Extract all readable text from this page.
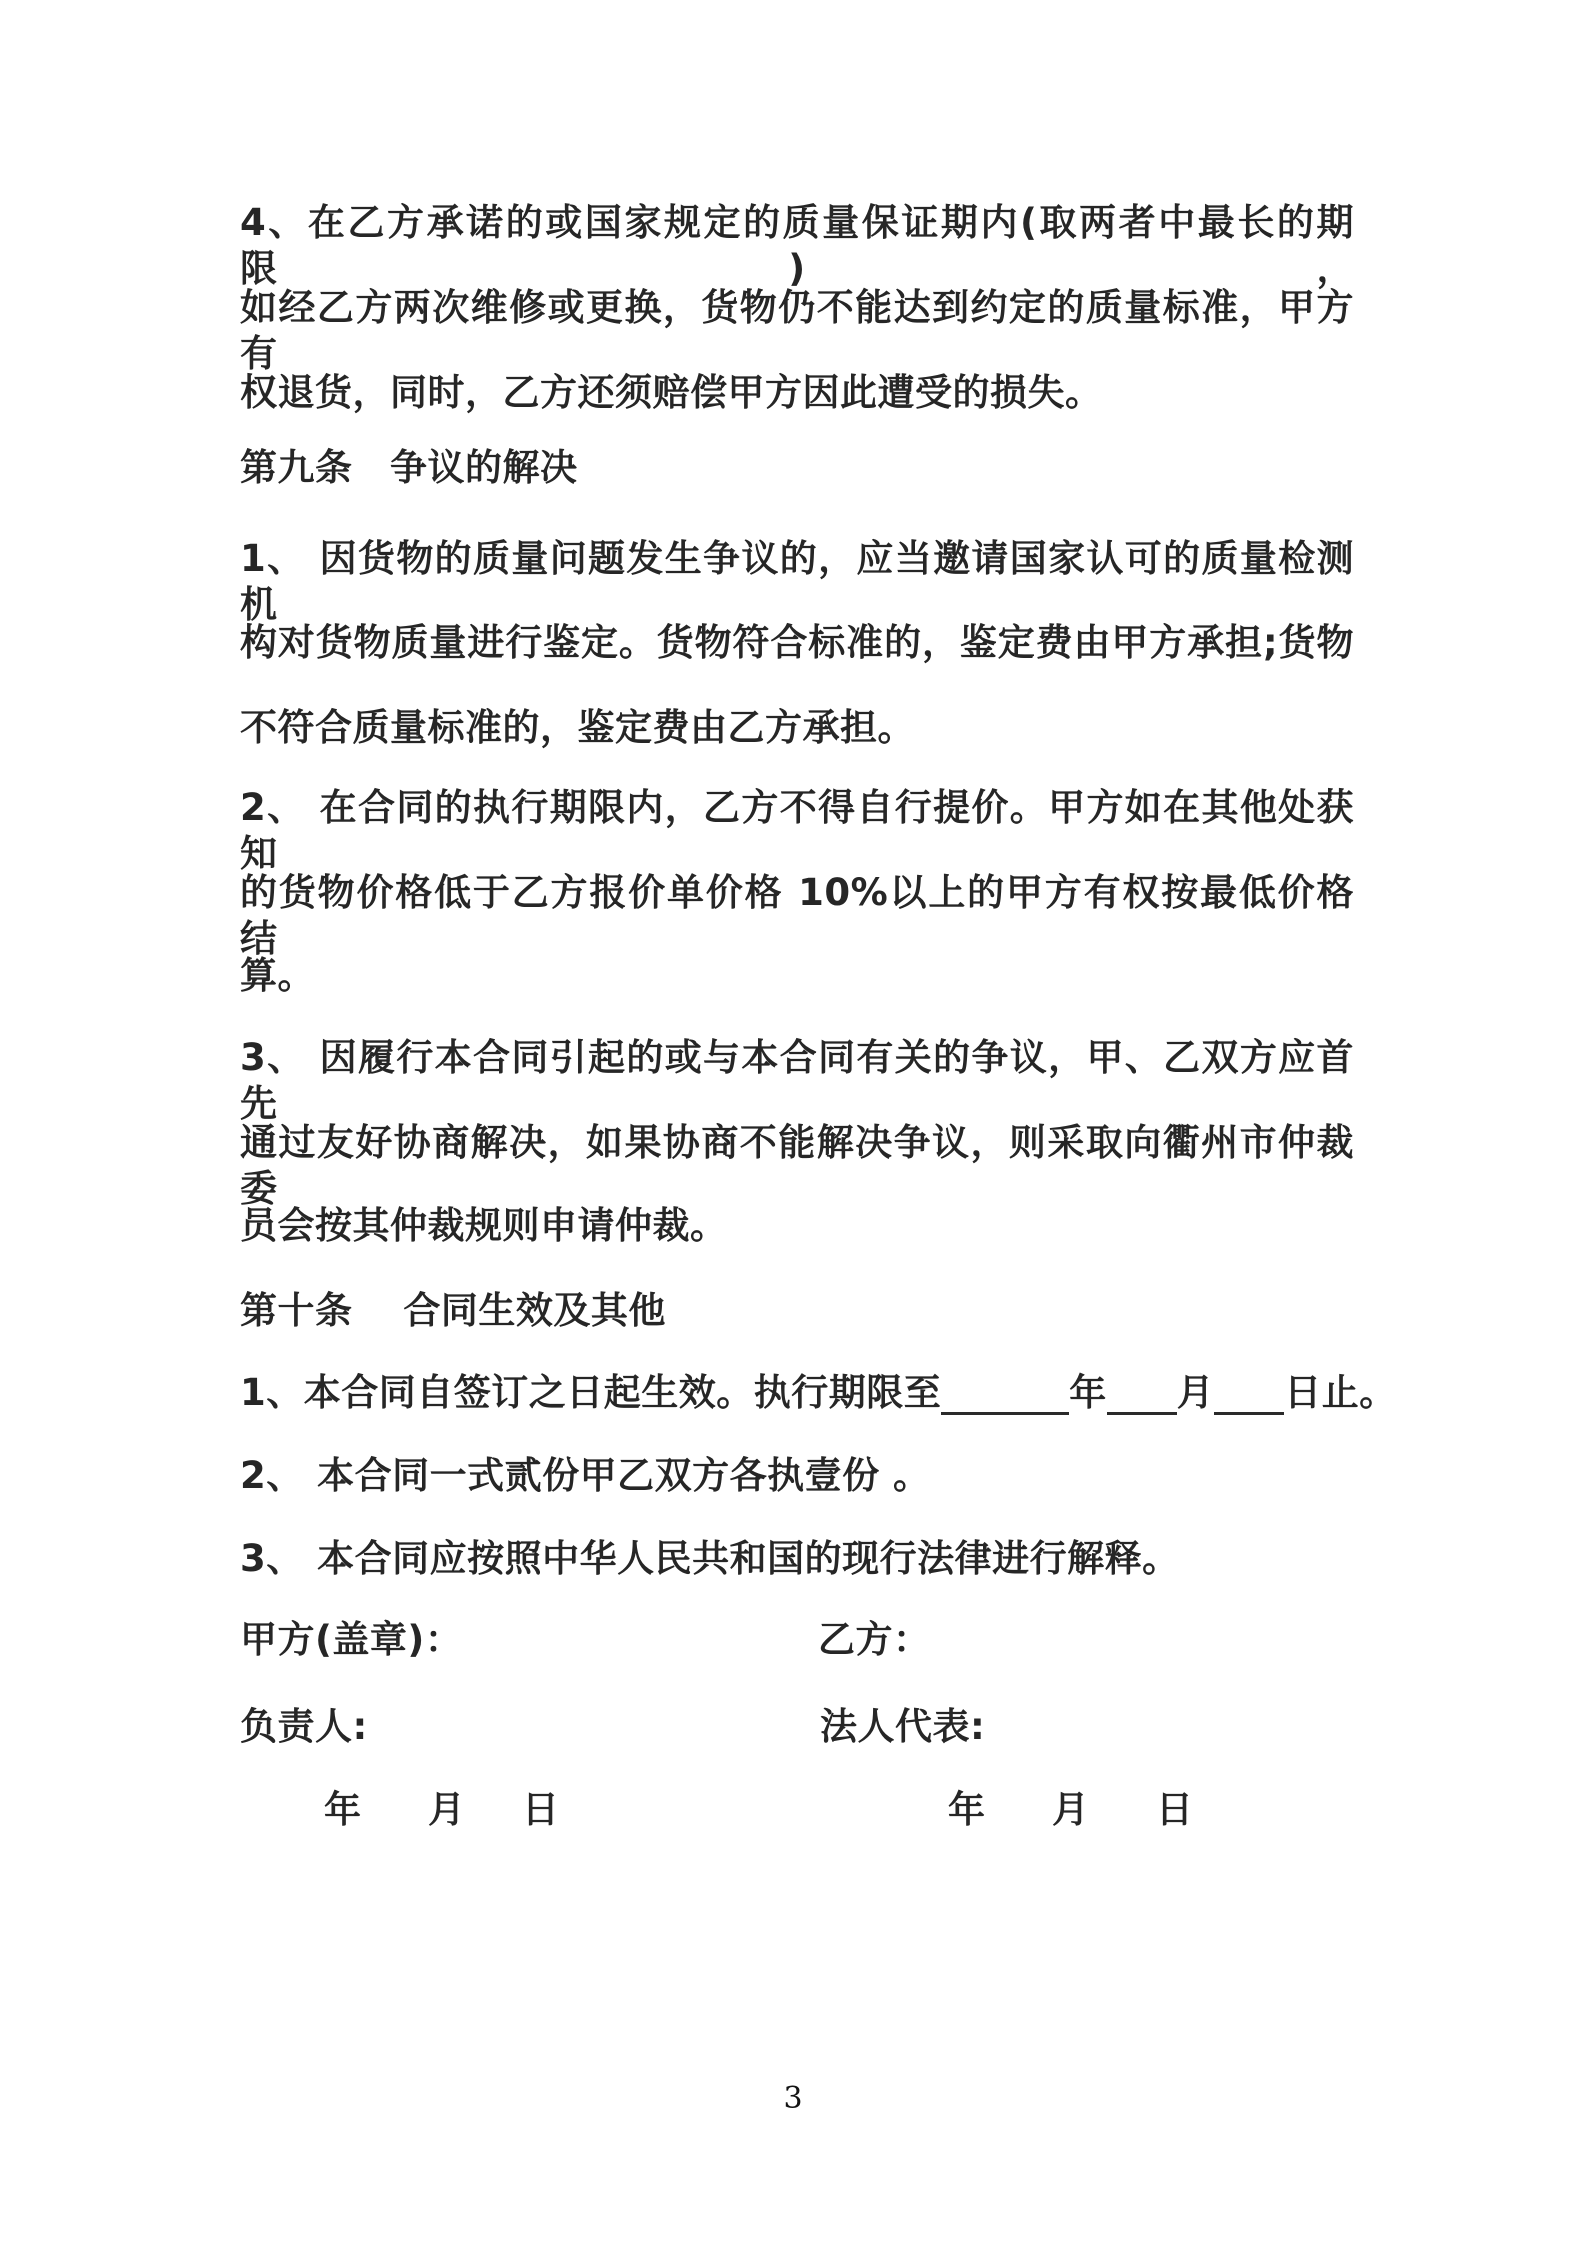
3
4、在乙方承诺的或国家规定的质量保证期内(取两者中最长的期限)，
如经乙方两次维修或更换，货物仍不能达到约定的质量标准，甲方有
权退货，同时，乙方还须赔偿甲方因此遭受的损失。
第九条　争议的解决
1、 因货物的质量问题发生争议的，应当邀请国家认可的质量检测机
构对货物质量进行鉴定。货物符合标准的，鉴定费由甲方承担;货物
不符合质量标准的，鉴定费由乙方承担。
2、 在合同的执行期限内，乙方不得自行提价。甲方如在其他处获知
的货物价格低于乙方报价单价格 10%以上的甲方有权按最低价格结
算。
3、 因履行本合同引起的或与本合同有关的争议，甲、乙双方应首先
通过友好协商解决，如果协商不能解决争议，则采取向衢州市仲裁委
员会按其仲裁规则申请仲裁。
第十条　 合同生效及其他
1、本合同自签订之日起生效。执行期限至	年 月 日止。
2、 本合同一式贰份甲乙双方各执壹份 。
3、 本合同应按照中华人民共和国的现行法律进行解释。
甲方(盖章)：	乙方：
负责人:	法人代表:
年 月 日	年 月 日
